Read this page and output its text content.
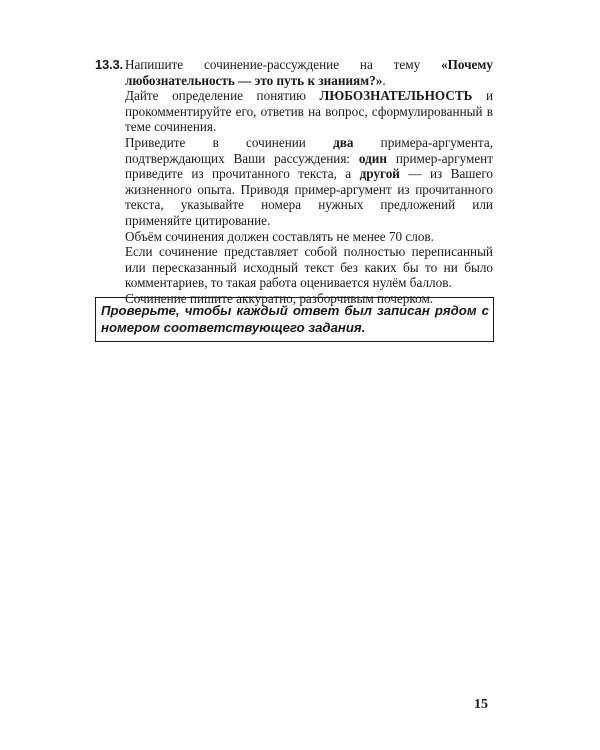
13.3. Напишите сочинение-рассуждение на тему «Почему любознательность — это путь к знаниям?».

Дайте определение понятию ЛЮБОЗНАТЕЛЬНОСТЬ и прокомментируйте его, ответив на вопрос, сформулированный в теме сочинения.

Приведите в сочинении два примера-аргумента, подтверждающих Ваши рассуждения: один пример-аргумент приведите из прочитанного текста, а другой — из Вашего жизненного опыта. Приводя пример-аргумент из прочитанного текста, указывайте номера нужных предложений или применяйте цитирование.

Объём сочинения должен составлять не менее 70 слов.

Если сочинение представляет собой полностью переписанный или пересказанный исходный текст без каких бы то ни было комментариев, то такая работа оценивается нулём баллов.

Сочинение пишите аккуратно, разборчивым почерком.

Проверьте, чтобы каждый ответ был записан рядом с номером соответствующего задания.
15
